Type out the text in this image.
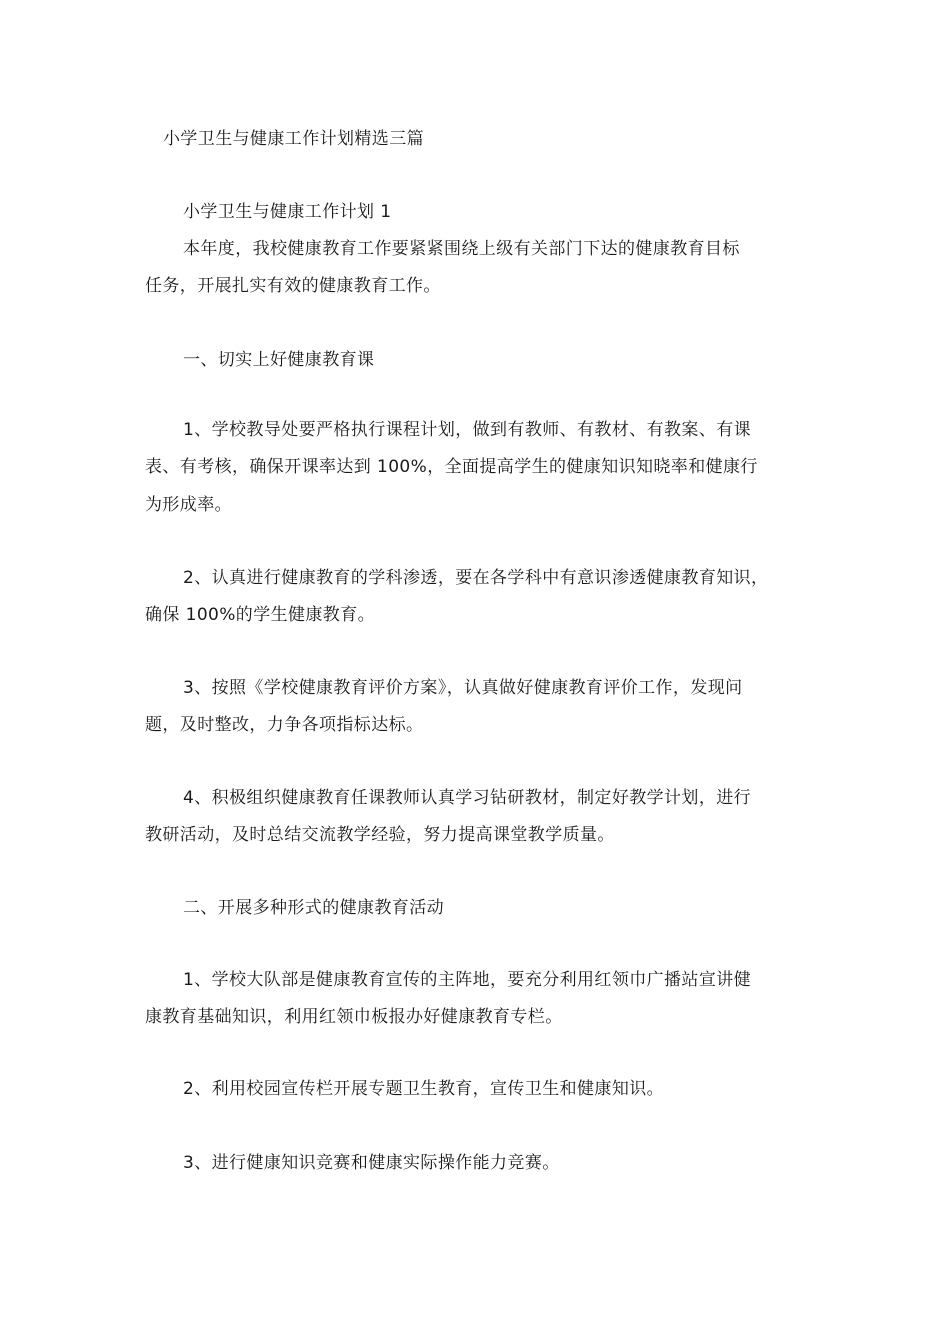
小学卫生与健康工作计划精选三篇
小学卫生与健康工作计划 1
本年度，我校健康教育工作要紧紧围绕上级有关部门下达的健康教育目标
任务，开展扎实有效的健康教育工作。
一、切实上好健康教育课
1、学校教导处要严格执行课程计划，做到有教师、有教材、有教案、有课
表、有考核，确保开课率达到 100%，全面提高学生的健康知识知晓率和健康行
为形成率。
2、认真进行健康教育的学科渗透，要在各学科中有意识渗透健康教育知识，
确保 100%的学生健康教育。
3、按照《学校健康教育评价方案》，认真做好健康教育评价工作，发现问
题，及时整改，力争各项指标达标。
4、积极组织健康教育任课教师认真学习钻研教材，制定好教学计划，进行
教研活动，及时总结交流教学经验，努力提高课堂教学质量。
二、开展多种形式的健康教育活动
1、学校大队部是健康教育宣传的主阵地，要充分利用红领巾广播站宣讲健
康教育基础知识，利用红领巾板报办好健康教育专栏。
2、利用校园宣传栏开展专题卫生教育，宣传卫生和健康知识。
3、进行健康知识竞赛和健康实际操作能力竞赛。
